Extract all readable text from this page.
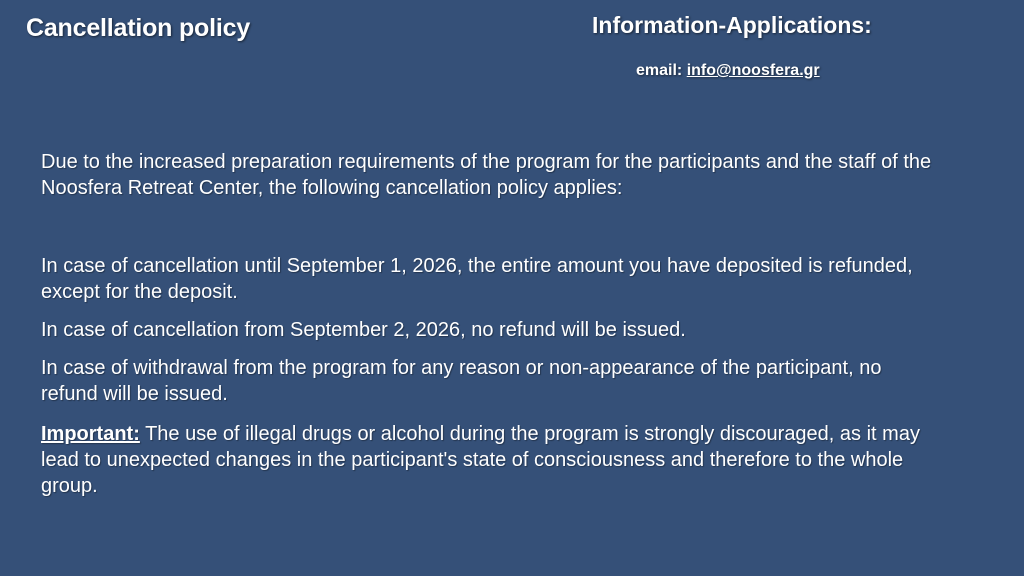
Cancellation policy	Information-Applications:
email: info@noosfera.gr
Due to the increased preparation requirements of the program for the participants and the staff of the Noosfera Retreat Center, the following cancellation policy applies:
In case of cancellation until September 1, 2026, the entire amount you have deposited is refunded, except for the deposit.
In case of cancellation from September 2, 2026, no refund will be issued.
In case of withdrawal from the program for any reason or non-appearance of the participant, no refund will be issued.
Important: The use of illegal drugs or alcohol during the program is strongly discouraged, as it may lead to unexpected changes in the participant's state of consciousness and therefore to the whole group.
